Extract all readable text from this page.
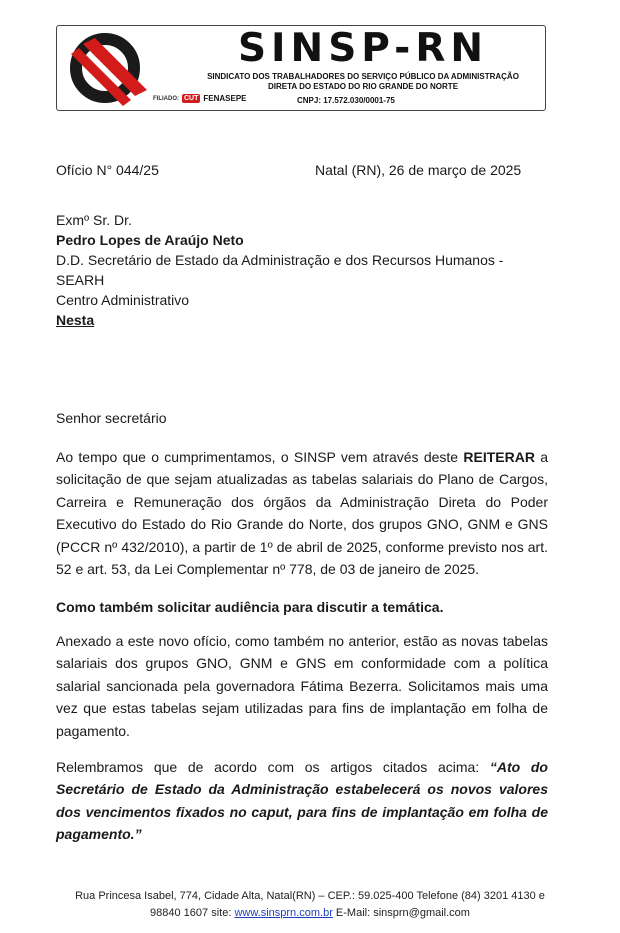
SINSP-RN
SINDICATO DOS TRABALHADORES DO SERVIÇO PÚBLICO DA ADMINISTRAÇÃO
DIRETA DO ESTADO DO RIO GRANDE DO NORTE
FILIADO: CUT FENASEPE	CNPJ: 17.572.030/0001-75
Ofício N° 044/25	Natal (RN), 26 de março de 2025
Exmº Sr. Dr.
Pedro Lopes de Araújo Neto
D.D. Secretário de Estado da Administração e dos Recursos Humanos -
SEARH
Centro Administrativo
Nesta
Senhor secretário

Ao tempo que o cumprimentamos, o SINSP vem através deste REITERAR a solicitação de que sejam atualizadas as tabelas salariais do Plano de Cargos, Carreira e Remuneração dos órgãos da Administração Direta do Poder Executivo do Estado do Rio Grande do Norte, dos grupos GNO, GNM e GNS (PCCR nº 432/2010), a partir de 1º de abril de 2025, conforme previsto nos art. 52 e art. 53, da Lei Complementar nº 778, de 03 de janeiro de 2025.

Como também solicitar audiência para discutir a temática.

Anexado a este novo ofício, como também no anterior, estão as novas tabelas salariais dos grupos GNO, GNM e GNS em conformidade com a política salarial sancionada pela governadora Fátima Bezerra. Solicitamos mais uma vez que estas tabelas sejam utilizadas para fins de implantação em folha de pagamento.

Relembramos que de acordo com os artigos citados acima: “Ato do Secretário de Estado da Administração estabelecerá os novos valores dos vencimentos fixados no caput, para fins de implantação em folha de pagamento.”

Rua Princesa Isabel, 774, Cidade Alta, Natal(RN) – CEP.: 59.025-400 Telefone (84) 3201 4130 e
98840 1607 site: www.sinsprn.com.br E-Mail: sinsprn@gmail.com
